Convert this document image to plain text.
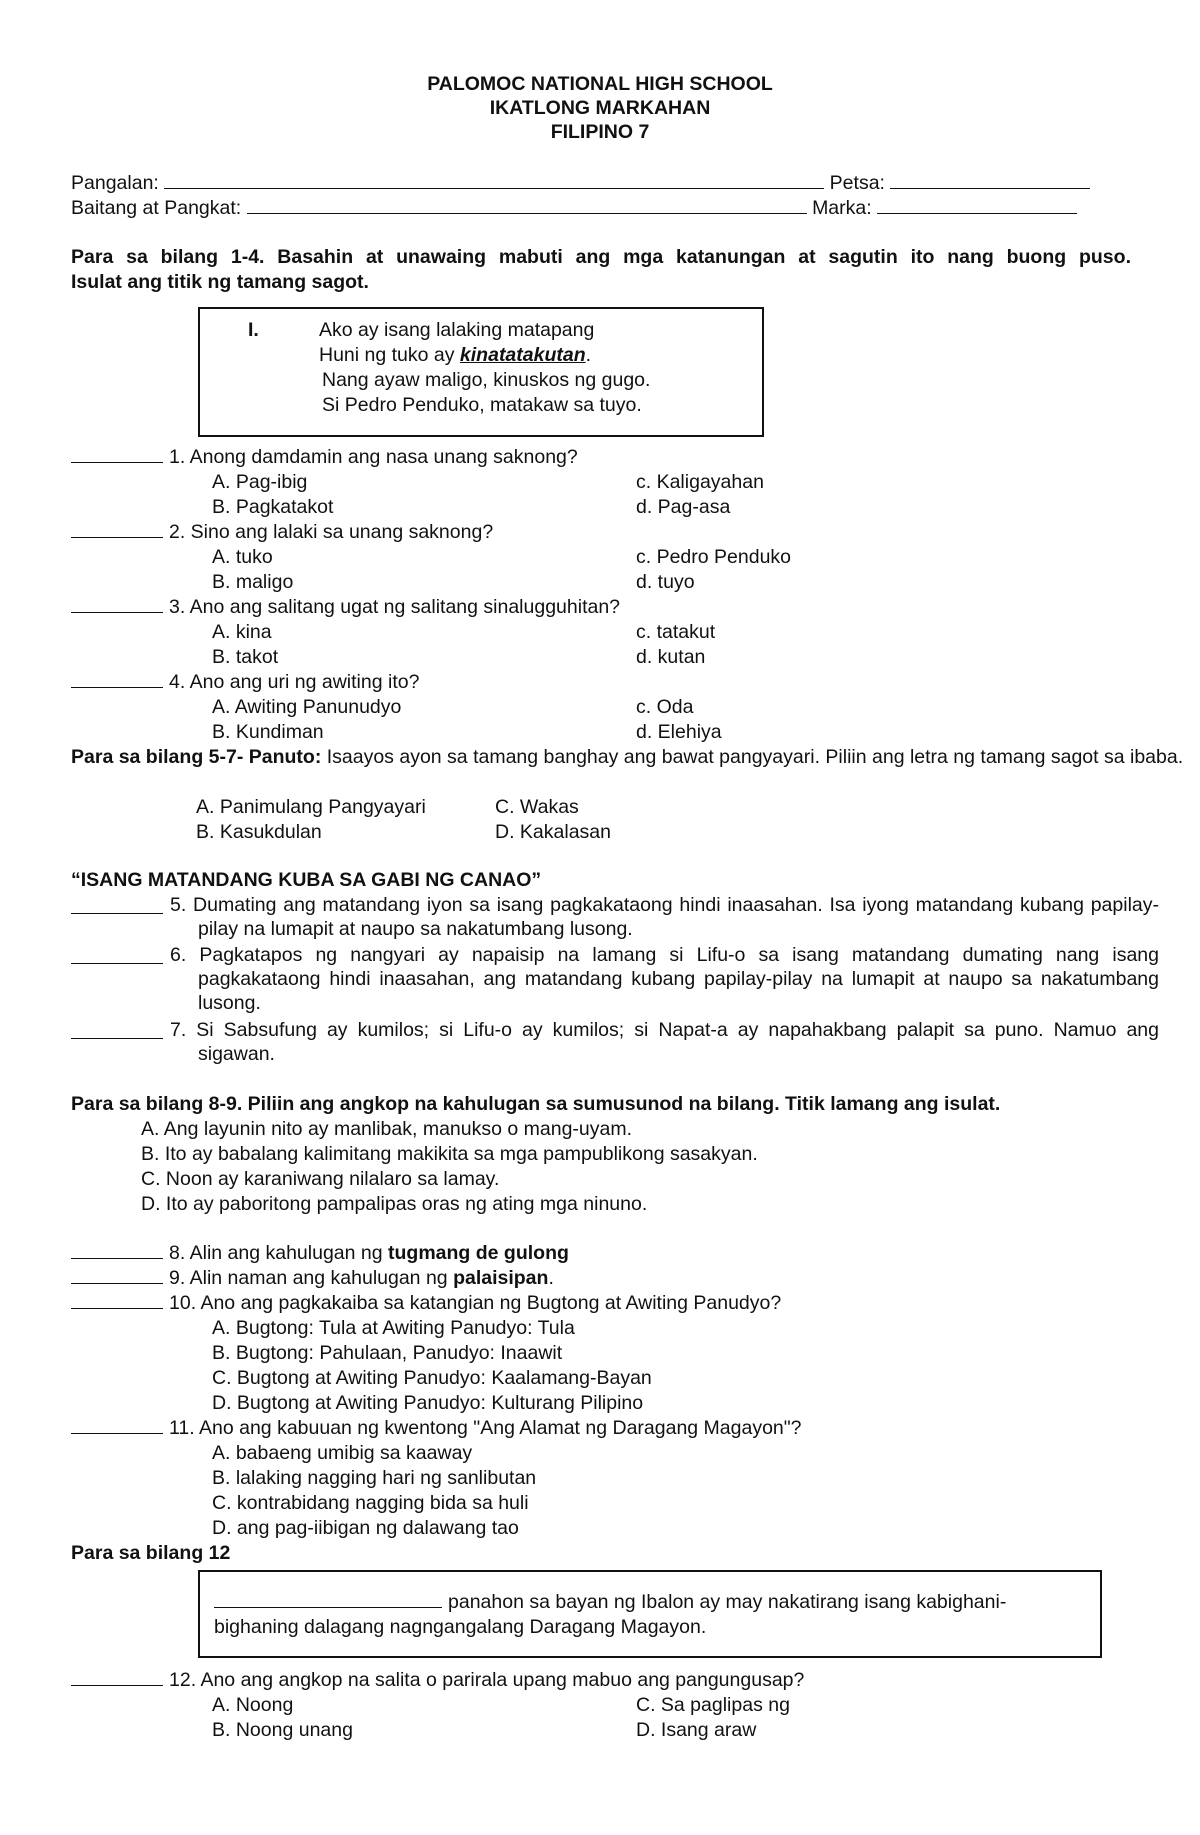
PALOMOC NATIONAL HIGH SCHOOL
IKATLONG MARKAHAN
FILIPINO 7
Pangalan:	Petsa:
Baitang at Pangkat:	Marka:
Para sa bilang 1-4. Basahin at unawaing mabuti ang mga katanungan at sagutin ito nang buong puso.
Isulat ang titik ng tamang sagot.
I.	Ako ay isang lalaking matapang
Huni ng tuko ay kinatatakutan.
Nang ayaw maligo, kinuskos ng gugo.
Si Pedro Penduko, matakaw sa tuyo.
1. Anong damdamin ang nasa unang saknong?
A. Pag-ibig	c. Kaligayahan
B. Pagkatakot	d. Pag-asa
2. Sino ang lalaki sa unang saknong?
A. tuko	c. Pedro Penduko
B. maligo	d. tuyo
3. Ano ang salitang ugat ng salitang sinalugguhitan?
A. kina	c. tatakut
B. takot	d. kutan
4. Ano ang uri ng awiting ito?
A. Awiting Panunudyo	c. Oda
B. Kundiman	d. Elehiya
Para sa bilang 5-7- Panuto: Isaayos ayon sa tamang banghay ang bawat pangyayari. Piliin ang letra ng tamang sagot sa ibaba.
A. Panimulang Pangyayari	C. Wakas
B. Kasukdulan	D. Kakalasan
“ISANG MATANDANG KUBA SA GABI NG CANAO”
5. Dumating ang matandang iyon sa isang pagkakataong hindi inaasahan. Isa iyong matandang kubang papilay-pilay na lumapit at naupo sa nakatumbang lusong.
6. Pagkatapos ng nangyari ay napaisip na lamang si Lifu-o sa isang matandang dumating nang isang pagkakataong hindi inaasahan, ang matandang kubang papilay-pilay na lumapit at naupo sa nakatumbang lusong.
7. Si Sabsufung ay kumilos; si Lifu-o ay kumilos; si Napat-a ay napahakbang palapit sa puno. Namuo ang sigawan.
Para sa bilang 8-9. Piliin ang angkop na kahulugan sa sumusunod na bilang. Titik lamang ang isulat.
A. Ang layunin nito ay manlibak, manukso o mang-uyam.
B. Ito ay babalang kalimitang makikita sa mga pampublikong sasakyan.
C. Noon ay karaniwang nilalaro sa lamay.
D. Ito ay paboritong pampalipas oras ng ating mga ninuno.
8. Alin ang kahulugan ng tugmang de gulong
9. Alin naman ang kahulugan ng palaisipan.
10. Ano ang pagkakaiba sa katangian ng Bugtong at Awiting Panudyo?
A. Bugtong: Tula at Awiting Panudyo: Tula
B. Bugtong: Pahulaan, Panudyo: Inaawit
C. Bugtong at Awiting Panudyo: Kaalamang-Bayan
D. Bugtong at Awiting Panudyo: Kulturang Pilipino
11. Ano ang kabuuan ng kwentong "Ang Alamat ng Daragang Magayon"?
A. babaeng umibig sa kaaway
B. lalaking nagging hari ng sanlibutan
C. kontrabidang nagging bida sa huli
D. ang pag-iibigan ng dalawang tao
Para sa bilang 12
panahon sa bayan ng Ibalon ay may nakatirang isang kabighani-
bighaning dalagang nagngangalang Daragang Magayon.
12. Ano ang angkop na salita o parirala upang mabuo ang pangungusap?
A. Noong	C. Sa paglipas ng
B. Noong unang	D. Isang araw
